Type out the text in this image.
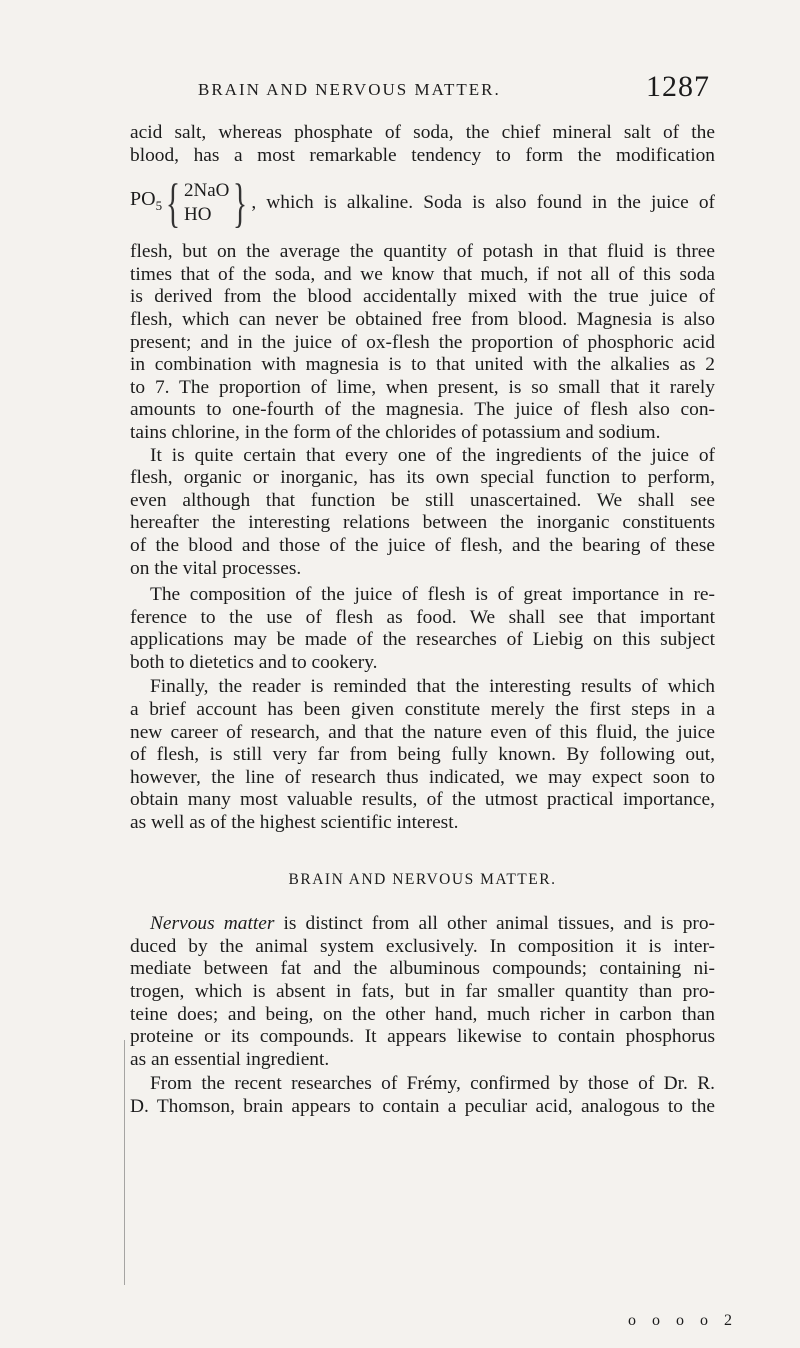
BRAIN AND NERVOUS MATTER.	1287
acid salt, whereas phosphate of soda, the chief mineral salt of the
blood, has a most remarkable tendency to form the modification
$PO_5$ { 2NaO
HO } , which is alkaline. Soda is also found in the juice of
flesh, but on the average the quantity of potash in that fluid is three
times that of the soda, and we know that much, if not all of this soda
is derived from the blood accidentally mixed with the true juice of
flesh, which can never be obtained free from blood. Magnesia is also
present; and in the juice of ox-flesh the proportion of phosphoric acid
in combination with magnesia is to that united with the alkalies as 2
to 7. The proportion of lime, when present, is so small that it rarely
amounts to one-fourth of the magnesia. The juice of flesh also con-
tains chlorine, in the form of the chlorides of potassium and sodium.
It is quite certain that every one of the ingredients of the juice of
flesh, organic or inorganic, has its own special function to perform,
even although that function be still unascertained. We shall see
hereafter the interesting relations between the inorganic constituents
of the blood and those of the juice of flesh, and the bearing of these
on the vital processes.
The composition of the juice of flesh is of great importance in re-
ference to the use of flesh as food. We shall see that important
applications may be made of the researches of Liebig on this subject
both to dietetics and to cookery.
Finally, the reader is reminded that the interesting results of which
a brief account has been given constitute merely the first steps in a
new career of research, and that the nature even of this fluid, the juice
of flesh, is still very far from being fully known. By following out,
however, the line of research thus indicated, we may expect soon to
obtain many most valuable results, of the utmost practical importance,
as well as of the highest scientific interest.
BRAIN AND NERVOUS MATTER.
Nervous matter is distinct from all other animal tissues, and is pro-
duced by the animal system exclusively. In composition it is inter-
mediate between fat and the albuminous compounds; containing ni-
trogen, which is absent in fats, but in far smaller quantity than pro-
teine does; and being, on the other hand, much richer in carbon than
proteine or its compounds. It appears likewise to contain phosphorus
as an essential ingredient.
From the recent researches of Frémy, confirmed by those of Dr. R.
D. Thomson, brain appears to contain a peculiar acid, analogous to the
o o o o 2
